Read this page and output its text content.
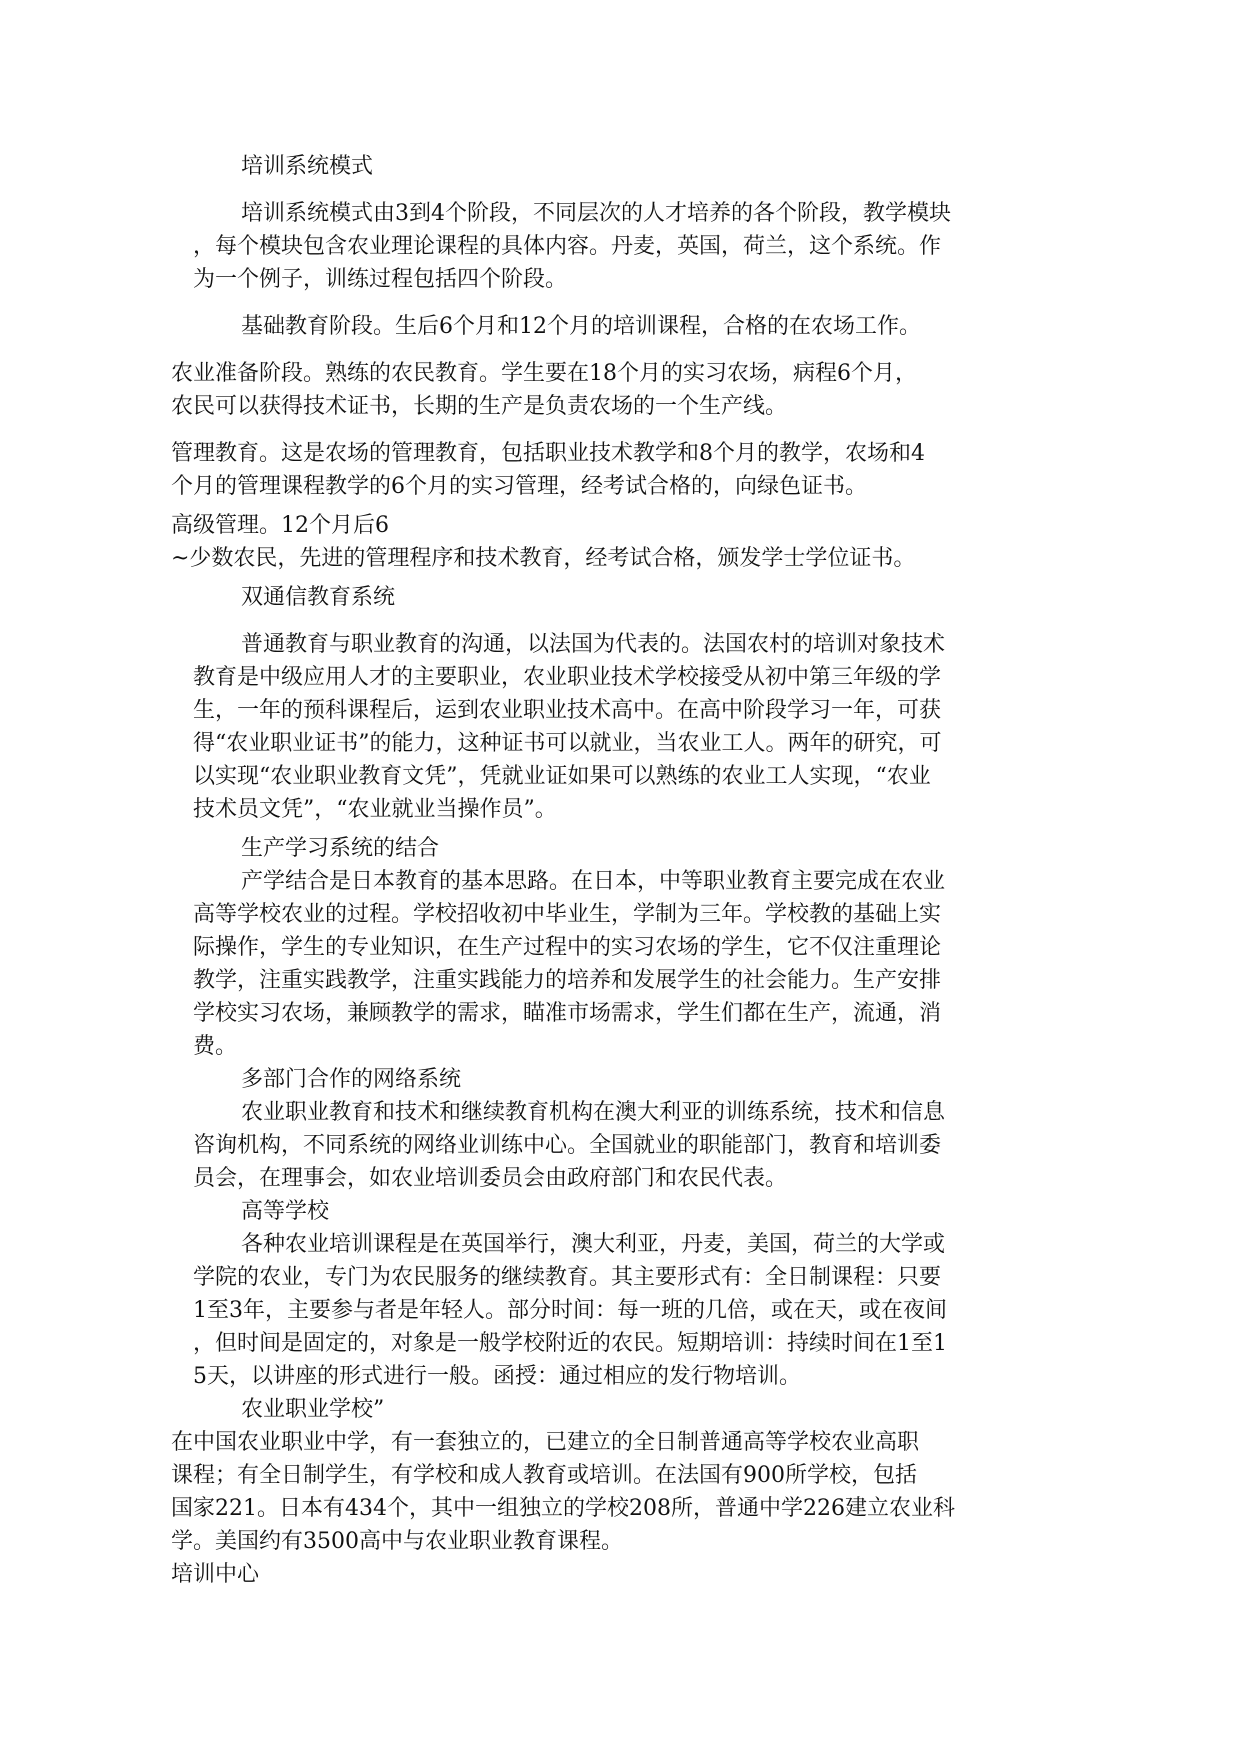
培训系统模式
培训系统模式由3到4个阶段，不同层次的人才培养的各个阶段，教学模块
，每个模块包含农业理论课程的具体内容。丹麦，英国，荷兰，这个系统。作
为一个例子，训练过程包括四个阶段。
基础教育阶段。生后6个月和12个月的培训课程，合格的在农场工作。
农业准备阶段。熟练的农民教育。学生要在18个月的实习农场，病程6个月，
农民可以获得技术证书，长期的生产是负责农场的一个生产线。
管理教育。这是农场的管理教育，包括职业技术教学和8个月的教学，农场和4
个月的管理课程教学的6个月的实习管理，经考试合格的，向绿色证书。
高级管理。12个月后6
~少数农民，先进的管理程序和技术教育，经考试合格，颁发学士学位证书。
双通信教育系统
普通教育与职业教育的沟通，以法国为代表的。法国农村的培训对象技术
教育是中级应用人才的主要职业，农业职业技术学校接受从初中第三年级的学
生，一年的预科课程后，运到农业职业技术高中。在高中阶段学习一年，可获
得“农业职业证书”的能力，这种证书可以就业，当农业工人。两年的研究，可
以实现“农业职业教育文凭”，凭就业证如果可以熟练的农业工人实现，“农业
技术员文凭”，“农业就业当操作员”。
生产学习系统的结合
产学结合是日本教育的基本思路。在日本，中等职业教育主要完成在农业
高等学校农业的过程。学校招收初中毕业生，学制为三年。学校教的基础上实
际操作，学生的专业知识，在生产过程中的实习农场的学生，它不仅注重理论
教学，注重实践教学，注重实践能力的培养和发展学生的社会能力。生产安排
学校实习农场，兼顾教学的需求，瞄准市场需求，学生们都在生产，流通，消
费。
多部门合作的网络系统
农业职业教育和技术和继续教育机构在澳大利亚的训练系统，技术和信息
咨询机构，不同系统的网络业训练中心。全国就业的职能部门，教育和培训委
员会，在理事会，如农业培训委员会由政府部门和农民代表。
高等学校
各种农业培训课程是在英国举行，澳大利亚，丹麦，美国，荷兰的大学或
学院的农业，专门为农民服务的继续教育。其主要形式有：全日制课程：只要
1至3年，主要参与者是年轻人。部分时间：每一班的几倍，或在天，或在夜间
，但时间是固定的，对象是一般学校附近的农民。短期培训：持续时间在1至1
5天，以讲座的形式进行一般。函授：通过相应的发行物培训。
农业职业学校”
在中国农业职业中学，有一套独立的，已建立的全日制普通高等学校农业高职
课程；有全日制学生，有学校和成人教育或培训。在法国有900所学校，包括
国家221。日本有434个，其中一组独立的学校208所，普通中学226建立农业科
学。美国约有3500高中与农业职业教育课程。
培训中心
